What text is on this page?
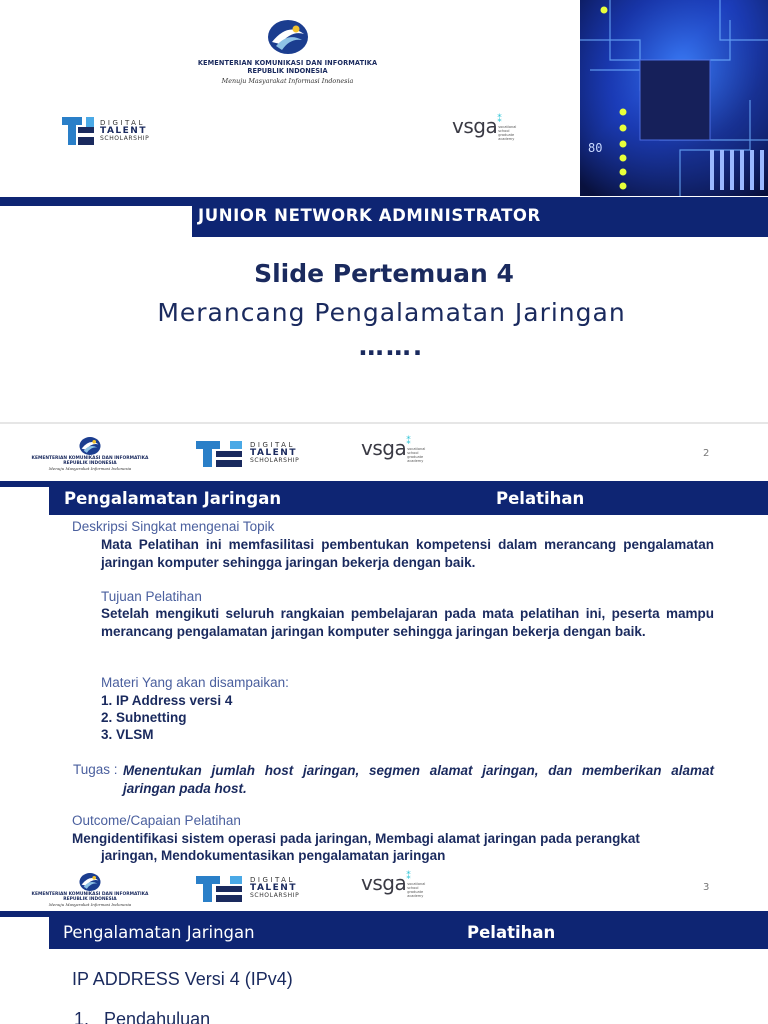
KEMENTERIAN KOMUNIKASI DAN INFORMATIKA
REPUBLIK INDONESIA
Menuju Masyarakat Informasi Indonesia
DIGITAL
TALENT
SCHOLARSHIP
vsga ⁑
vocational school graduate academy
80
JUNIOR NETWORK ADMINISTRATOR
Slide Pertemuan 4
Merancang Pengalamatan Jaringan
…….
KEMENTERIAN KOMUNIKASI DAN INFORMATIKA
REPUBLIK INDONESIA
Menuju Masyarakat Informasi Indonesia
DIGITAL
TALENT
SCHOLARSHIP
vsga ⁑
vocational school graduate academy
2
Pengalamatan Jaringan	Pelatihan
Deskripsi Singkat mengenai Topik
Mata Pelatihan ini memfasilitasi pembentukan kompetensi dalam merancang pengalamatan jaringan komputer sehingga jaringan bekerja dengan baik.
Tujuan Pelatihan
Setelah mengikuti seluruh rangkaian pembelajaran pada mata pelatihan ini, peserta mampu merancang pengalamatan jaringan komputer sehingga jaringan bekerja dengan baik.
Materi Yang akan disampaikan:
1. IP Address versi 4
2. Subnetting
3. VLSM
Tugas : Menentukan jumlah host jaringan, segmen alamat jaringan, dan memberikan alamat jaringan pada host.
Outcome/Capaian Pelatihan
Mengidentifikasi sistem operasi pada jaringan, Membagi alamat jaringan pada perangkat
jaringan, Mendokumentasikan pengalamatan jaringan
KEMENTERIAN KOMUNIKASI DAN INFORMATIKA
REPUBLIK INDONESIA
Menuju Masyarakat Informasi Indonesia
DIGITAL
TALENT
SCHOLARSHIP
vsga ⁑
vocational school graduate academy
3
Pengalamatan Jaringan	Pelatihan
IP ADDRESS Versi 4 (IPv4)
1.   Pendahuluan
